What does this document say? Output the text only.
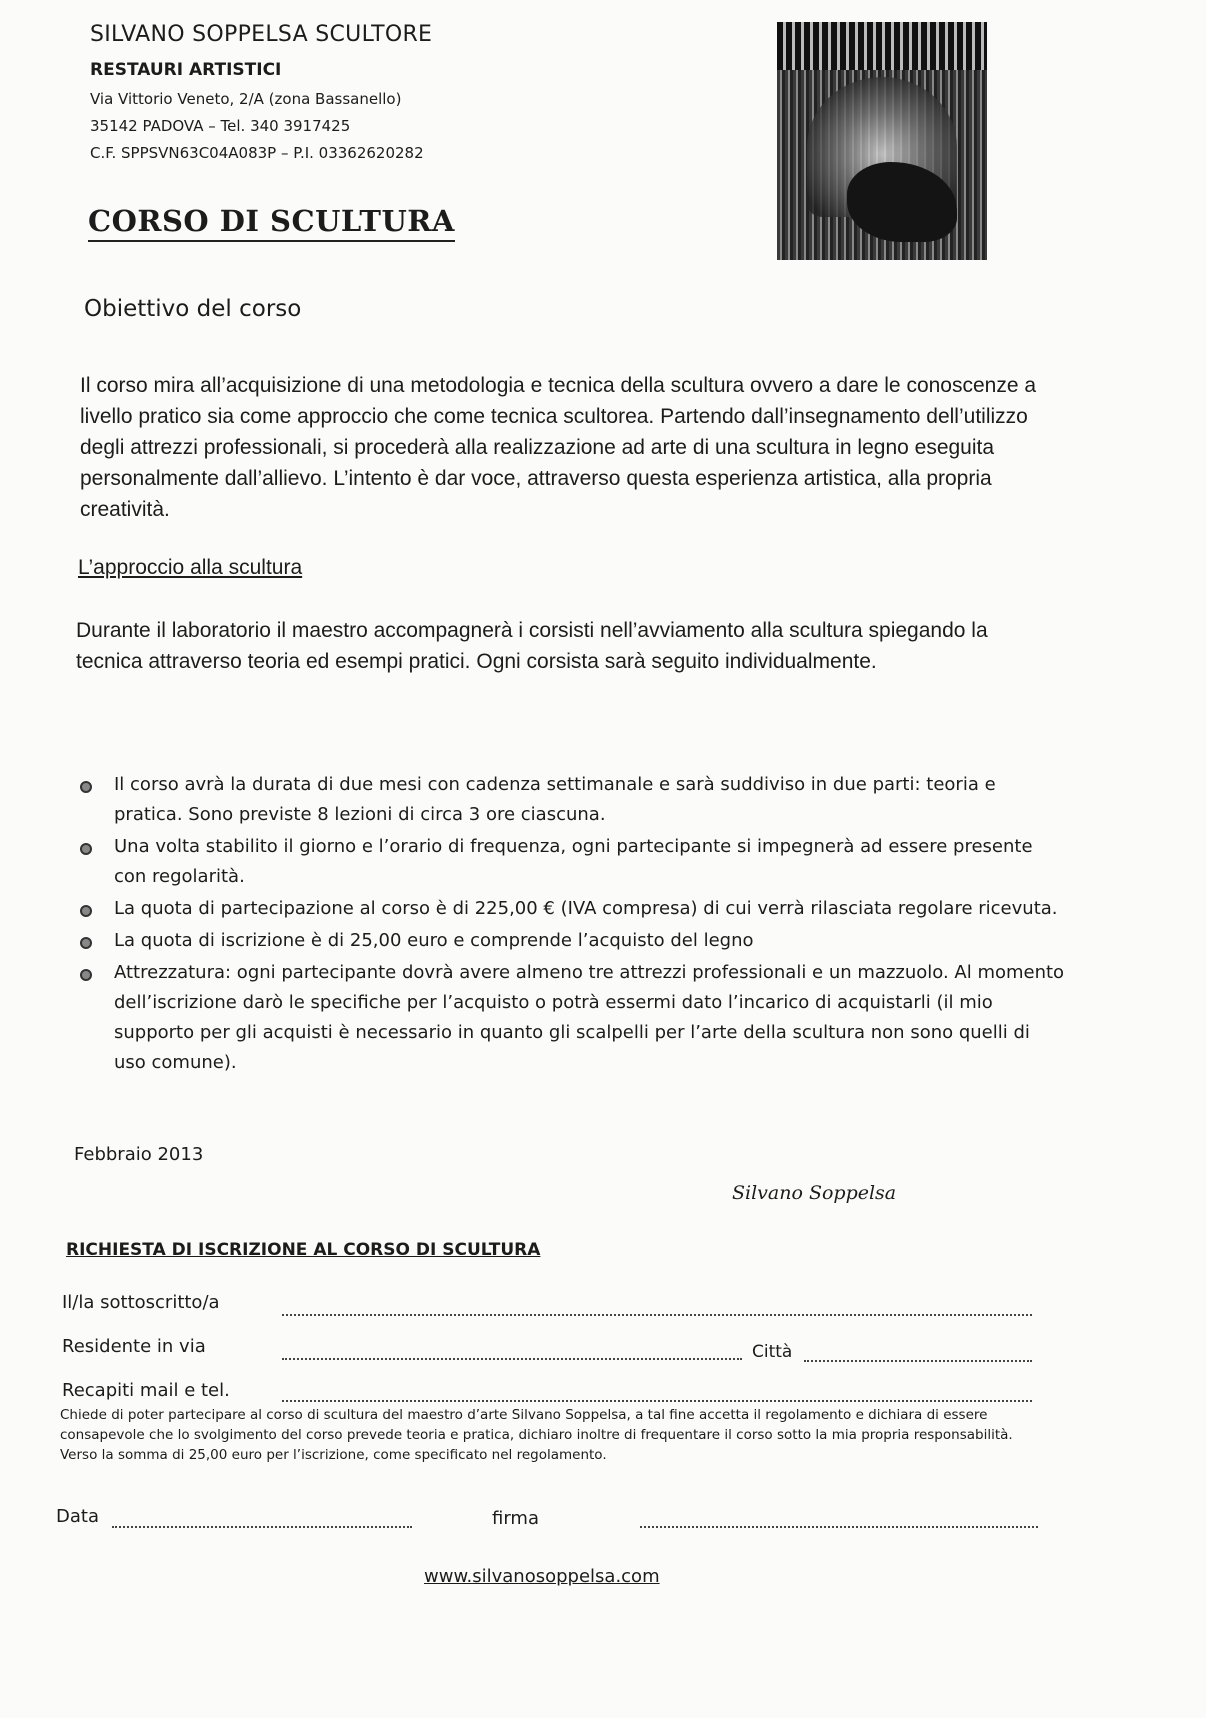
SILVANO SOPPELSA SCULTORE
RESTAURI ARTISTICI
Via Vittorio Veneto, 2/A (zona Bassanello)
35142 PADOVA – Tel. 340 3917425
C.F. SPPSVN63C04A083P – P.I. 03362620282
CORSO DI SCULTURA
Obiettivo del corso
Il corso mira all’acquisizione di una metodologia e tecnica della scultura ovvero a dare le conoscenze a livello pratico sia come approccio che come tecnica scultorea. Partendo dall’insegnamento dell’utilizzo degli attrezzi professionali, si procederà alla realizzazione ad arte di una scultura in legno eseguita personalmente dall’allievo. L’intento è dar voce, attraverso questa esperienza artistica, alla propria creatività.
L’approccio alla scultura
Durante il laboratorio il maestro accompagnerà i corsisti nell’avviamento alla scultura spiegando la tecnica attraverso teoria ed esempi pratici. Ogni corsista sarà seguito individualmente.
Il corso avrà la durata di due mesi con cadenza settimanale e sarà suddiviso in due parti: teoria e pratica. Sono previste 8 lezioni di circa 3 ore ciascuna.
Una volta stabilito il giorno e l’orario di frequenza, ogni partecipante si impegnerà ad essere presente con regolarità.
La quota di partecipazione al corso è di 225,00 € (IVA compresa) di cui verrà rilasciata regolare ricevuta.
La quota di iscrizione è di 25,00 euro e comprende l’acquisto del legno
Attrezzatura: ogni partecipante dovrà avere almeno tre attrezzi professionali e un mazzuolo. Al momento dell’iscrizione darò le specifiche per l’acquisto o potrà essermi dato l’incarico di acquistarli (il mio supporto per gli acquisti è necessario in quanto gli scalpelli per l’arte della scultura non sono quelli di uso comune).
Febbraio 2013
Silvano Soppelsa
RICHIESTA DI ISCRIZIONE AL CORSO DI SCULTURA
Il/la sottoscritto/a
Residente in via	Città
Recapiti mail e tel.
Chiede di poter partecipare al corso di scultura del maestro d’arte Silvano Soppelsa, a tal fine accetta il regolamento e dichiara di essere consapevole che lo svolgimento del corso prevede teoria e pratica, dichiaro inoltre di frequentare il corso sotto la mia propria responsabilità. Verso la somma di 25,00 euro per l’iscrizione, come specificato nel regolamento.
Data	firma
www.silvanosoppelsa.com
